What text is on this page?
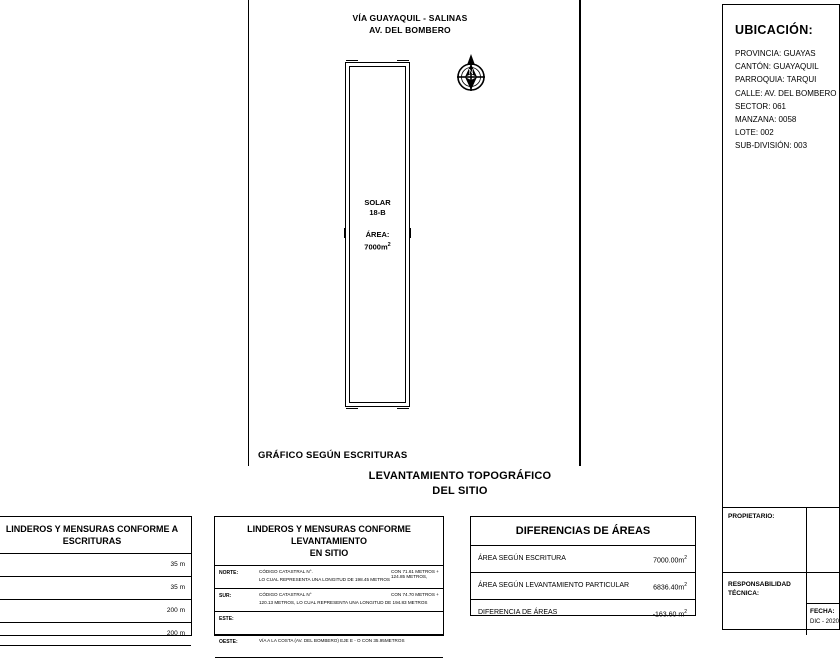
VÍA GUAYAQUIL - SALINAS
AV. DEL BOMBERO
SOLAR
18-B
ÁREA:
$7000m^2$
N
GRÁFICO SEGÚN ESCRITURAS
LEVANTAMIENTO TOPOGRÁFICO
DEL SITIO
UBICACIÓN:
PROVINCIA: GUAYAS
CANTÓN: GUAYAQUIL
PARROQUIA: TARQUI
CALLE: AV. DEL BOMBERO
SECTOR: 061
MANZANA: 0058
LOTE: 002
SUB-DIVISIÓN: 003
PROPIETARIO:
RESPONSABILIDAD
TÉCNICA:
FECHA:
DIC - 2020
LINDEROS Y MENSURAS CONFORME A
ESCRITURAS
35 m
35 m
200 m
200 m
LINDEROS Y MENSURAS CONFORME LEVANTAMIENTO
EN SITIO
NORTE:	CÓDIGO CATASTRAL N°.	CON 71.61 METROS + 124.85 METROS,
LO CUAL REPRESENTA UNA LONGITUD DE 198.45 METROS
SUR:	CÓDIGO CATASTRAL N°	CON 74.70 METROS +
120.13 METROS, LO CUAL REPRESENTA UNA LONGITUD DE 194.83 METROS
ESTE:
OESTE:	VÍA A LA COSTA (AV. DEL BOMBERO) EJE E - O CON 35.95METROS
DIFERENCIAS DE ÁREAS
ÁREA SEGÚN ESCRITURA	$7000.00m^2$
ÁREA SEGÚN LEVANTAMIENTO PARTICULAR	$6836.40m^2$
DIFERENCIA DE ÁREAS	-163.60 $m^2$
